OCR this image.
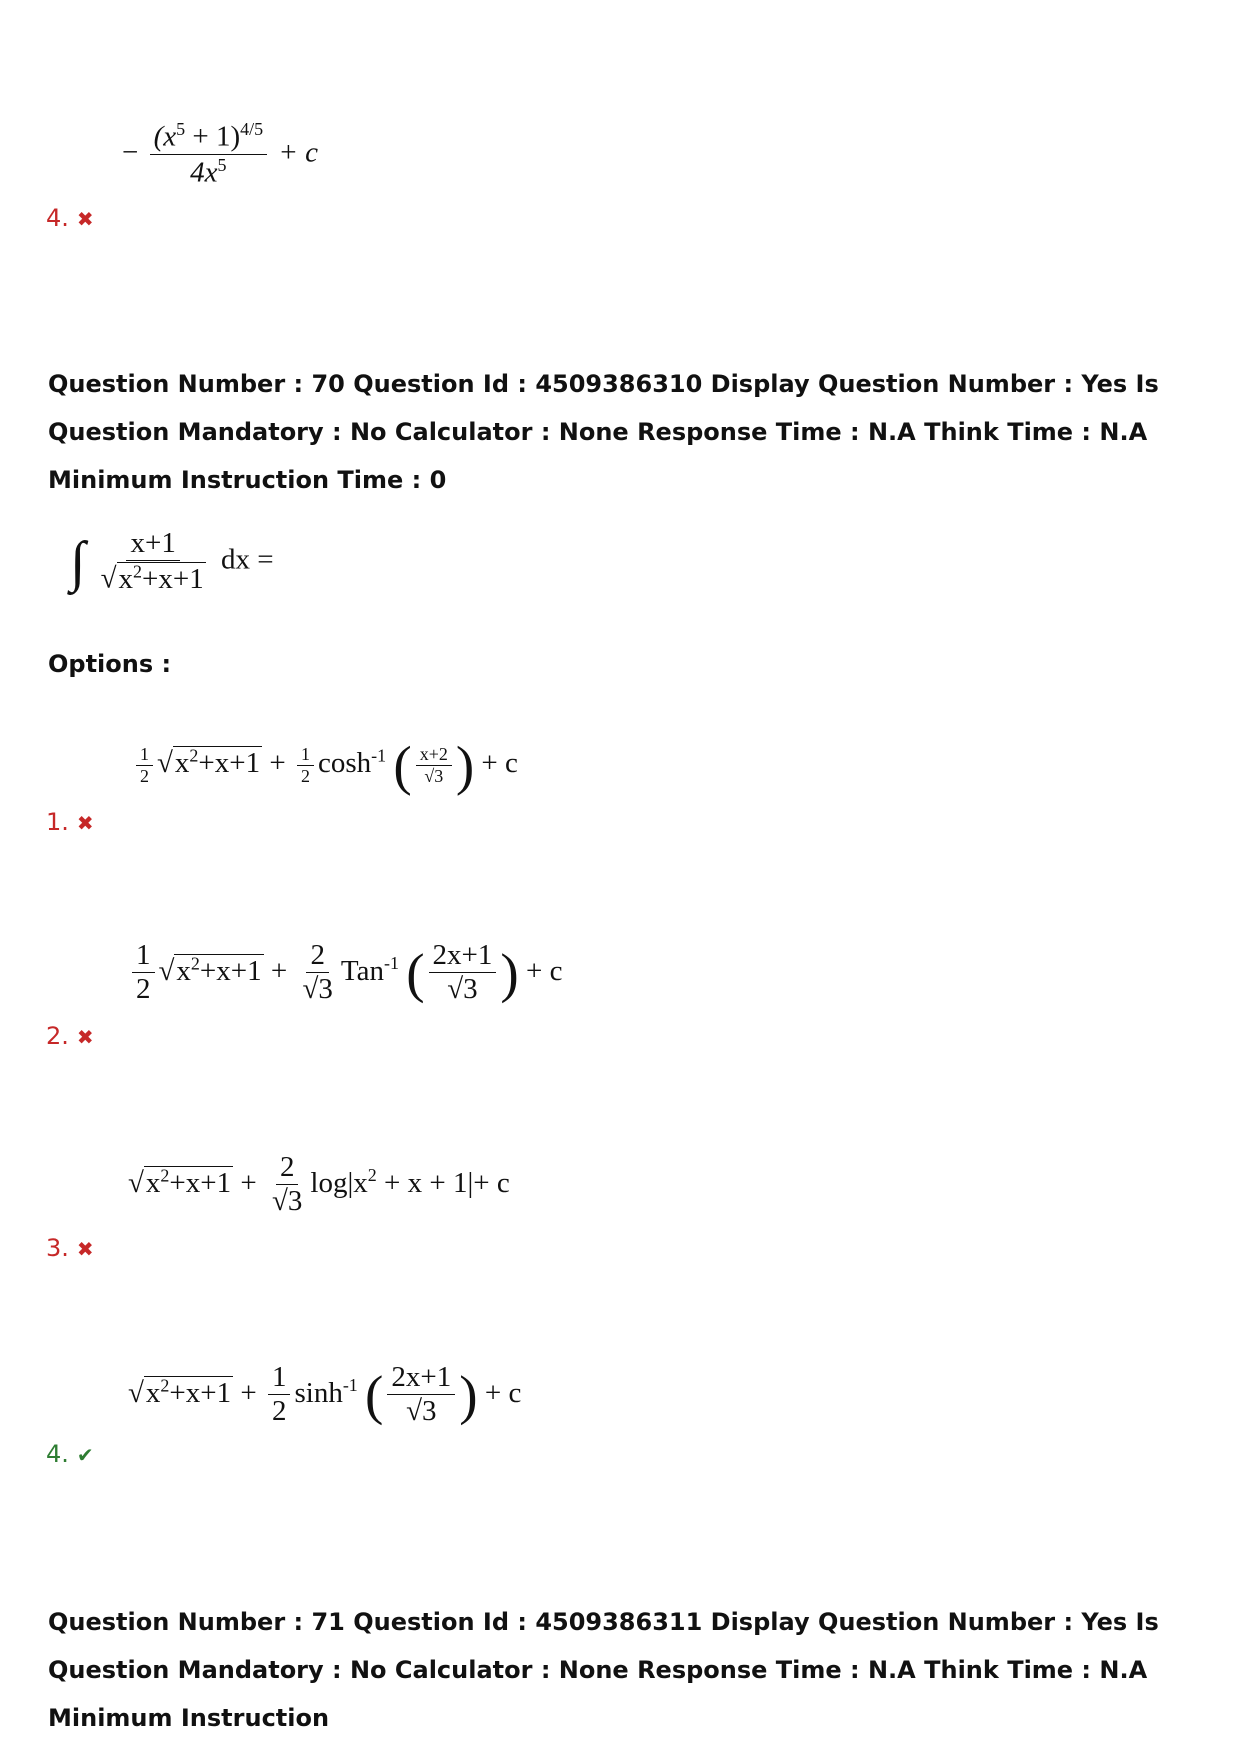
− $\frac{(x^5 + 1)^{4/5}}{4x^5} + c$
4. ✖
Question Number : 70 Question Id : 4509386310 Display Question Number : Yes Is Question Mandatory : No Calculator : None Response Time : N.A Think Time : N.A Minimum Instruction Time : 0
∫ $\frac{x+1}{√x^2+x+1}$ dx =
Options :
$\frac{1}{2} √x^2+x+1 + \frac{1}{2} \cosh^{-1}$ ( $\frac{x+2}{√3}$ ) + c
1. ✖
$\frac{1}{2} √x^2+x+1 + \frac{2}{√3} Tan^{-1}$ ( $\frac{2x+1}{√3}$ ) + c
2. ✖
$√x^2+x+1 + \frac{2}{√3} \log|x^2 + x + 1|+ c$
3. ✖
$√x^2+x+1 + \frac{1}{2} \sinh^{-1}$ ( $\frac{2x+1}{√3}$ ) + c
4. ✔
Question Number : 71 Question Id : 4509386311 Display Question Number : Yes Is Question Mandatory : No Calculator : None Response Time : N.A Think Time : N.A Minimum Instruction
